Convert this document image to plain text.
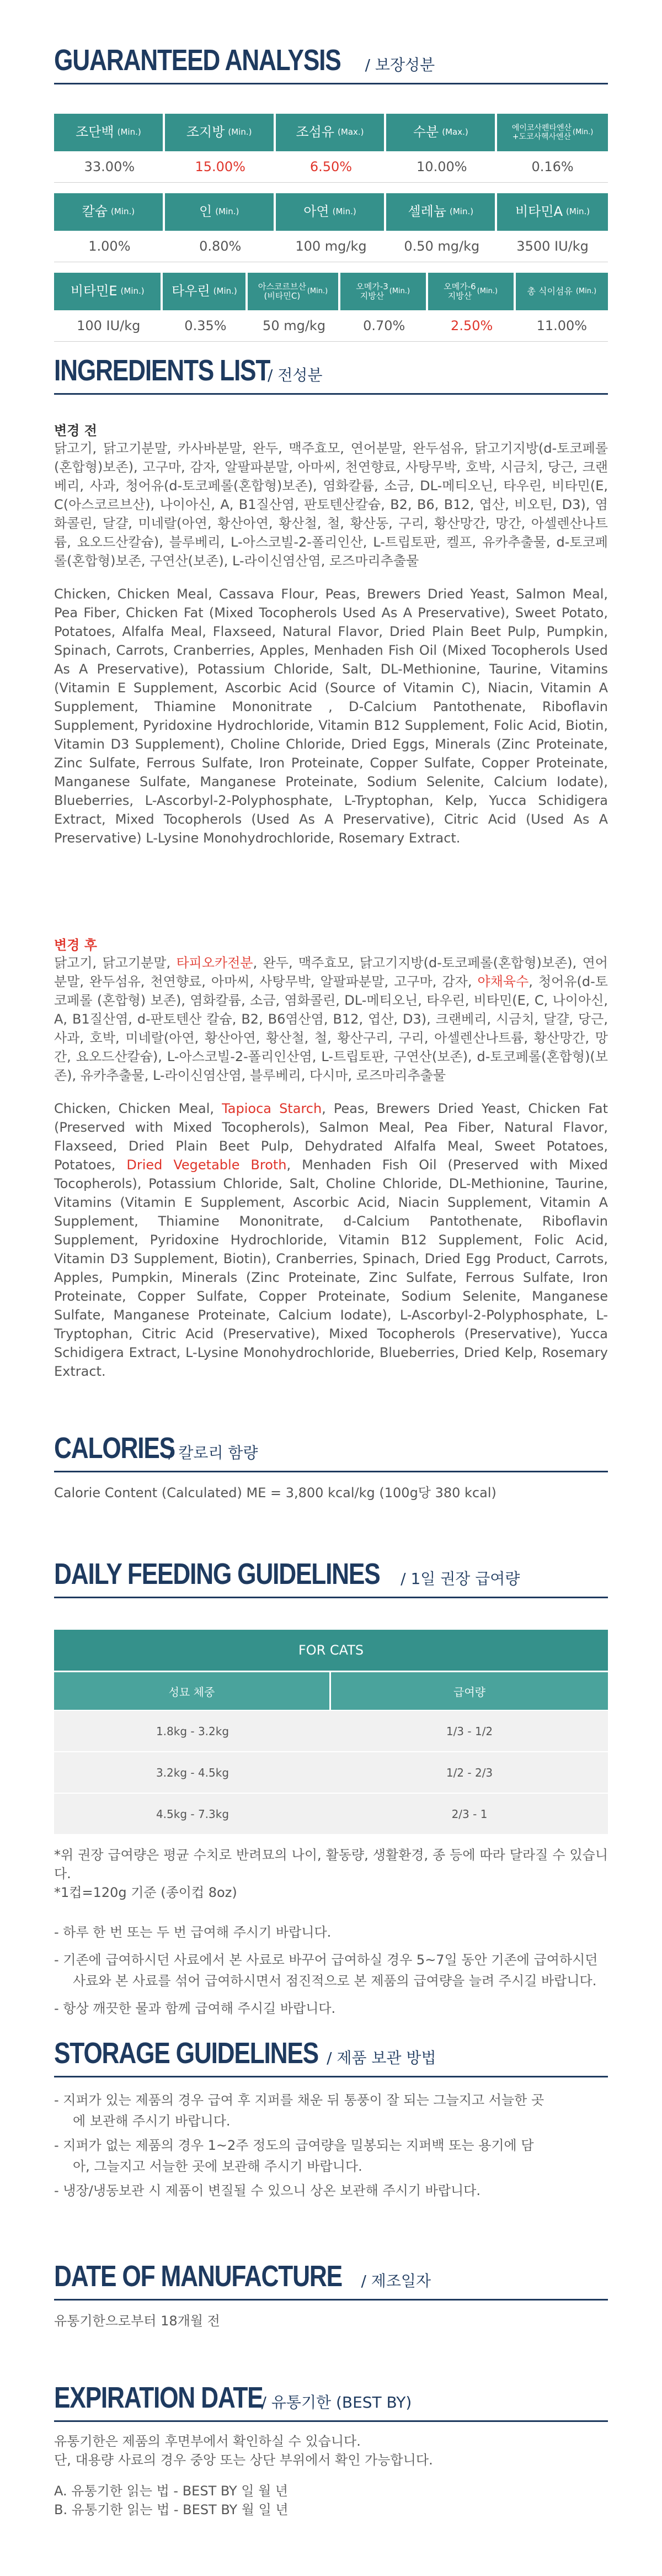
GUARANTEED ANALYSIS / 보장성분
조단백 (Min.)	조지방 (Min.)	조섬유 (Max.)	수분 (Max.)	에이코사펜타엔산
+도코사헥사엔산
(Min.)
33.00%	15.00%	6.50%	10.00%	0.16%
칼슘 (Min.)	인 (Min.)	아연 (Min.)	셀레늄 (Min.)	비타민A (Min.)
1.00%	0.80%	100 mg/kg	0.50 mg/kg	3500 IU/kg
비타민E (Min.) 타우린 (Min.)	아스코르브산
(비타민C) (Min.)	오메가-3
지방산 (Min.)	오메가-6
지방산 (Min.)	총 식이섬유 (Min.)
100 IU/kg	0.35%	50 mg/kg	0.70%	2.50%	11.00%
INGREDIENTS LIST
/ 전성분

변경 전

닭고기, 닭고기분말, 카사바분말, 완두, 맥주효모, 연어분말, 완두섬유, 닭고기지방(d-토코페롤(혼합형)보존), 고구마, 감자, 알팔파분말, 아마씨, 천연향료, 사탕무박, 호박, 시금치, 당근, 크랜베리, 사과, 청어유(d-토코페롤(혼합형)보존), 염화칼륨, 소금, DL-메티오닌, 타우린, 비타민(E, C(아스코르브산), 나이아신, A, B1질산염, 판토텐산칼슘, B2, B6, B12, 엽산, 비오틴, D3), 염화콜린, 달걀, 미네랄(아연, 황산아연, 황산철, 철, 황산동, 구리, 황산망간, 망간, 아셀렌산나트륨, 요오드산칼슘), 블루베리, L-아스코빌-2-폴리인산, L-트립토판, 켈프, 유카추출물, d-토코페롤(혼합형)보존, 구연산(보존), L-라이신염산염, 로즈마리추출물

Chicken, Chicken Meal, Cassava Flour, Peas, Brewers Dried Yeast, Salmon Meal, Pea Fiber, Chicken Fat (Mixed Tocopherols Used As A Preservative), Sweet Potato, Potatoes, Alfalfa Meal, Flaxseed, Natural Flavor, Dried Plain Beet Pulp, Pumpkin, Spinach, Carrots, Cranberries, Apples, Menhaden Fish Oil (Mixed Tocopherols Used As A Preservative), Potassium Chloride, Salt, DL-Methionine, Taurine, Vitamins (Vitamin E Supplement, Ascorbic Acid (Source of Vitamin C), Niacin, Vitamin A Supplement, Thiamine Mononitrate , D-Calcium Pantothenate, Riboflavin Supplement, Pyridoxine Hydrochloride, Vitamin B12 Supplement, Folic Acid, Biotin, Vitamin D3 Supplement), Choline Chloride, Dried Eggs, Minerals (Zinc Proteinate, Zinc Sulfate, Ferrous Sulfate, Iron Proteinate, Copper Sulfate, Copper Proteinate, Manganese Sulfate, Manganese Proteinate, Sodium Selenite, Calcium Iodate), Blueberries, L-Ascorbyl-2-Polyphosphate, L-Tryptophan, Kelp, Yucca Schidigera Extract, Mixed Tocopherols (Used As A Preservative), Citric Acid (Used As A Preservative) L-Lysine Monohydrochloride, Rosemary Extract.

변경 후

닭고기, 닭고기분말, 타피오카전분, 완두, 맥주효모, 닭고기지방(d-토코페롤(혼합형)보존), 연어분말, 완두섬유, 천연향료, 아마씨, 사탕무박, 알팔파분말, 고구마, 감자, 야채육수, 청어유(d-토코페롤 (혼합형) 보존), 염화칼륨, 소금, 염화콜린, DL-메티오닌, 타우린, 비타민(E, C, 나이아신, A, B1질산염, d-판토텐산 칼슘, B2, B6염산염, B12, 엽산, D3), 크랜베리, 시금치, 달걀, 당근, 사과, 호박, 미네랄(아연, 황산아연, 황산철, 철, 황산구리, 구리, 아셀렌산나트륨, 황산망간, 망간, 요오드산칼슘), L-아스코빌-2-폴리인산염, L-트립토판, 구연산(보존), d-토코페롤(혼합형)(보존), 유카추출물, L-라이신염산염, 블루베리, 다시마, 로즈마리추출물

Chicken, Chicken Meal, Tapioca Starch, Peas, Brewers Dried Yeast, Chicken Fat (Preserved with Mixed Tocopherols), Salmon Meal, Pea Fiber, Natural Flavor, Flaxseed, Dried Plain Beet Pulp, Dehydrated Alfalfa Meal, Sweet Potatoes, Potatoes, Dried Vegetable Broth, Menhaden Fish Oil (Preserved with Mixed Tocopherols), Potassium Chloride, Salt, Choline Chloride, DL-Methionine, Taurine, Vitamins (Vitamin E Supplement, Ascorbic Acid, Niacin Supplement, Vitamin A Supplement, Thiamine Mononitrate, d-Calcium Pantothenate, Riboflavin Supplement, Pyridoxine Hydrochloride, Vitamin B12 Supplement, Folic Acid, Vitamin D3 Supplement, Biotin), Cranberries, Spinach, Dried Egg Product, Carrots, Apples, Pumpkin, Minerals (Zinc Proteinate, Zinc Sulfate, Ferrous Sulfate, Iron Proteinate, Copper Sulfate, Copper Proteinate, Sodium Selenite, Manganese Sulfate, Manganese Proteinate, Calcium Iodate), L-Ascorbyl-2-Polyphosphate, L-Tryptophan, Citric Acid (Preservative), Mixed Tocopherols (Preservative), Yucca Schidigera Extract, L-Lysine Monohydrochloride, Blueberries, Dried Kelp, Rosemary Extract.

CALORIES
/ 칼로리 함량

Calorie Content (Calculated) ME = 3,800 kcal/kg (100g당 380 kcal)

DAILY FEEDING GUIDELINES / 1일 권장 급여량
FOR CATS
성묘 체중	급여량
1.8kg - 3.2kg	1/3 - 1/2
3.2kg - 4.5kg	1/2 - 2/3
4.5kg - 7.3kg	2/3 - 1

*위 권장 급여량은 평균 수치로 반려묘의 나이, 활동량, 생활환경, 종 등에 따라 달라질 수 있습니다.

*1컵=120g 기준 (종이컵 8oz)

- 하루 한 번 또는 두 번 급여해 주시기 바랍니다.
- 기존에 급여하시던 사료에서 본 사료로 바꾸어 급여하실 경우 5~7일 동안 기존에 급여하시던 사료와 본 사료를 섞어 급여하시면서 점진적으로 본 제품의 급여량을 늘려 주시길 바랍니다.
- 항상 깨끗한 물과 함께 급여해 주시길 바랍니다.
STORAGE GUIDELINES / 제품 보관 방법
- 지퍼가 있는 제품의 경우 급여 후 지퍼를 채운 뒤 통풍이 잘 되는 그늘지고 서늘한 곳에 보관해 주시기 바랍니다.
- 지퍼가 없는 제품의 경우 1~2주 정도의 급여량을 밀봉되는 지퍼백 또는 용기에 담아, 그늘지고 서늘한 곳에 보관해 주시기 바랍니다.
- 냉장/냉동보관 시 제품이 변질될 수 있으니 상온 보관해 주시기 바랍니다.
DATE OF MANUFACTURE / 제조일자

유통기한으로부터 18개월 전

EXPIRATION DATE
/ 유통기한 (BEST BY)

유통기한은 제품의 후면부에서 확인하실 수 있습니다.

단, 대용량 사료의 경우 중앙 또는 상단 부위에서 확인 가능합니다.

A. 유통기한 읽는 법 - BEST BY 일 월 년

B. 유통기한 읽는 법 - BEST BY 월 일 년
